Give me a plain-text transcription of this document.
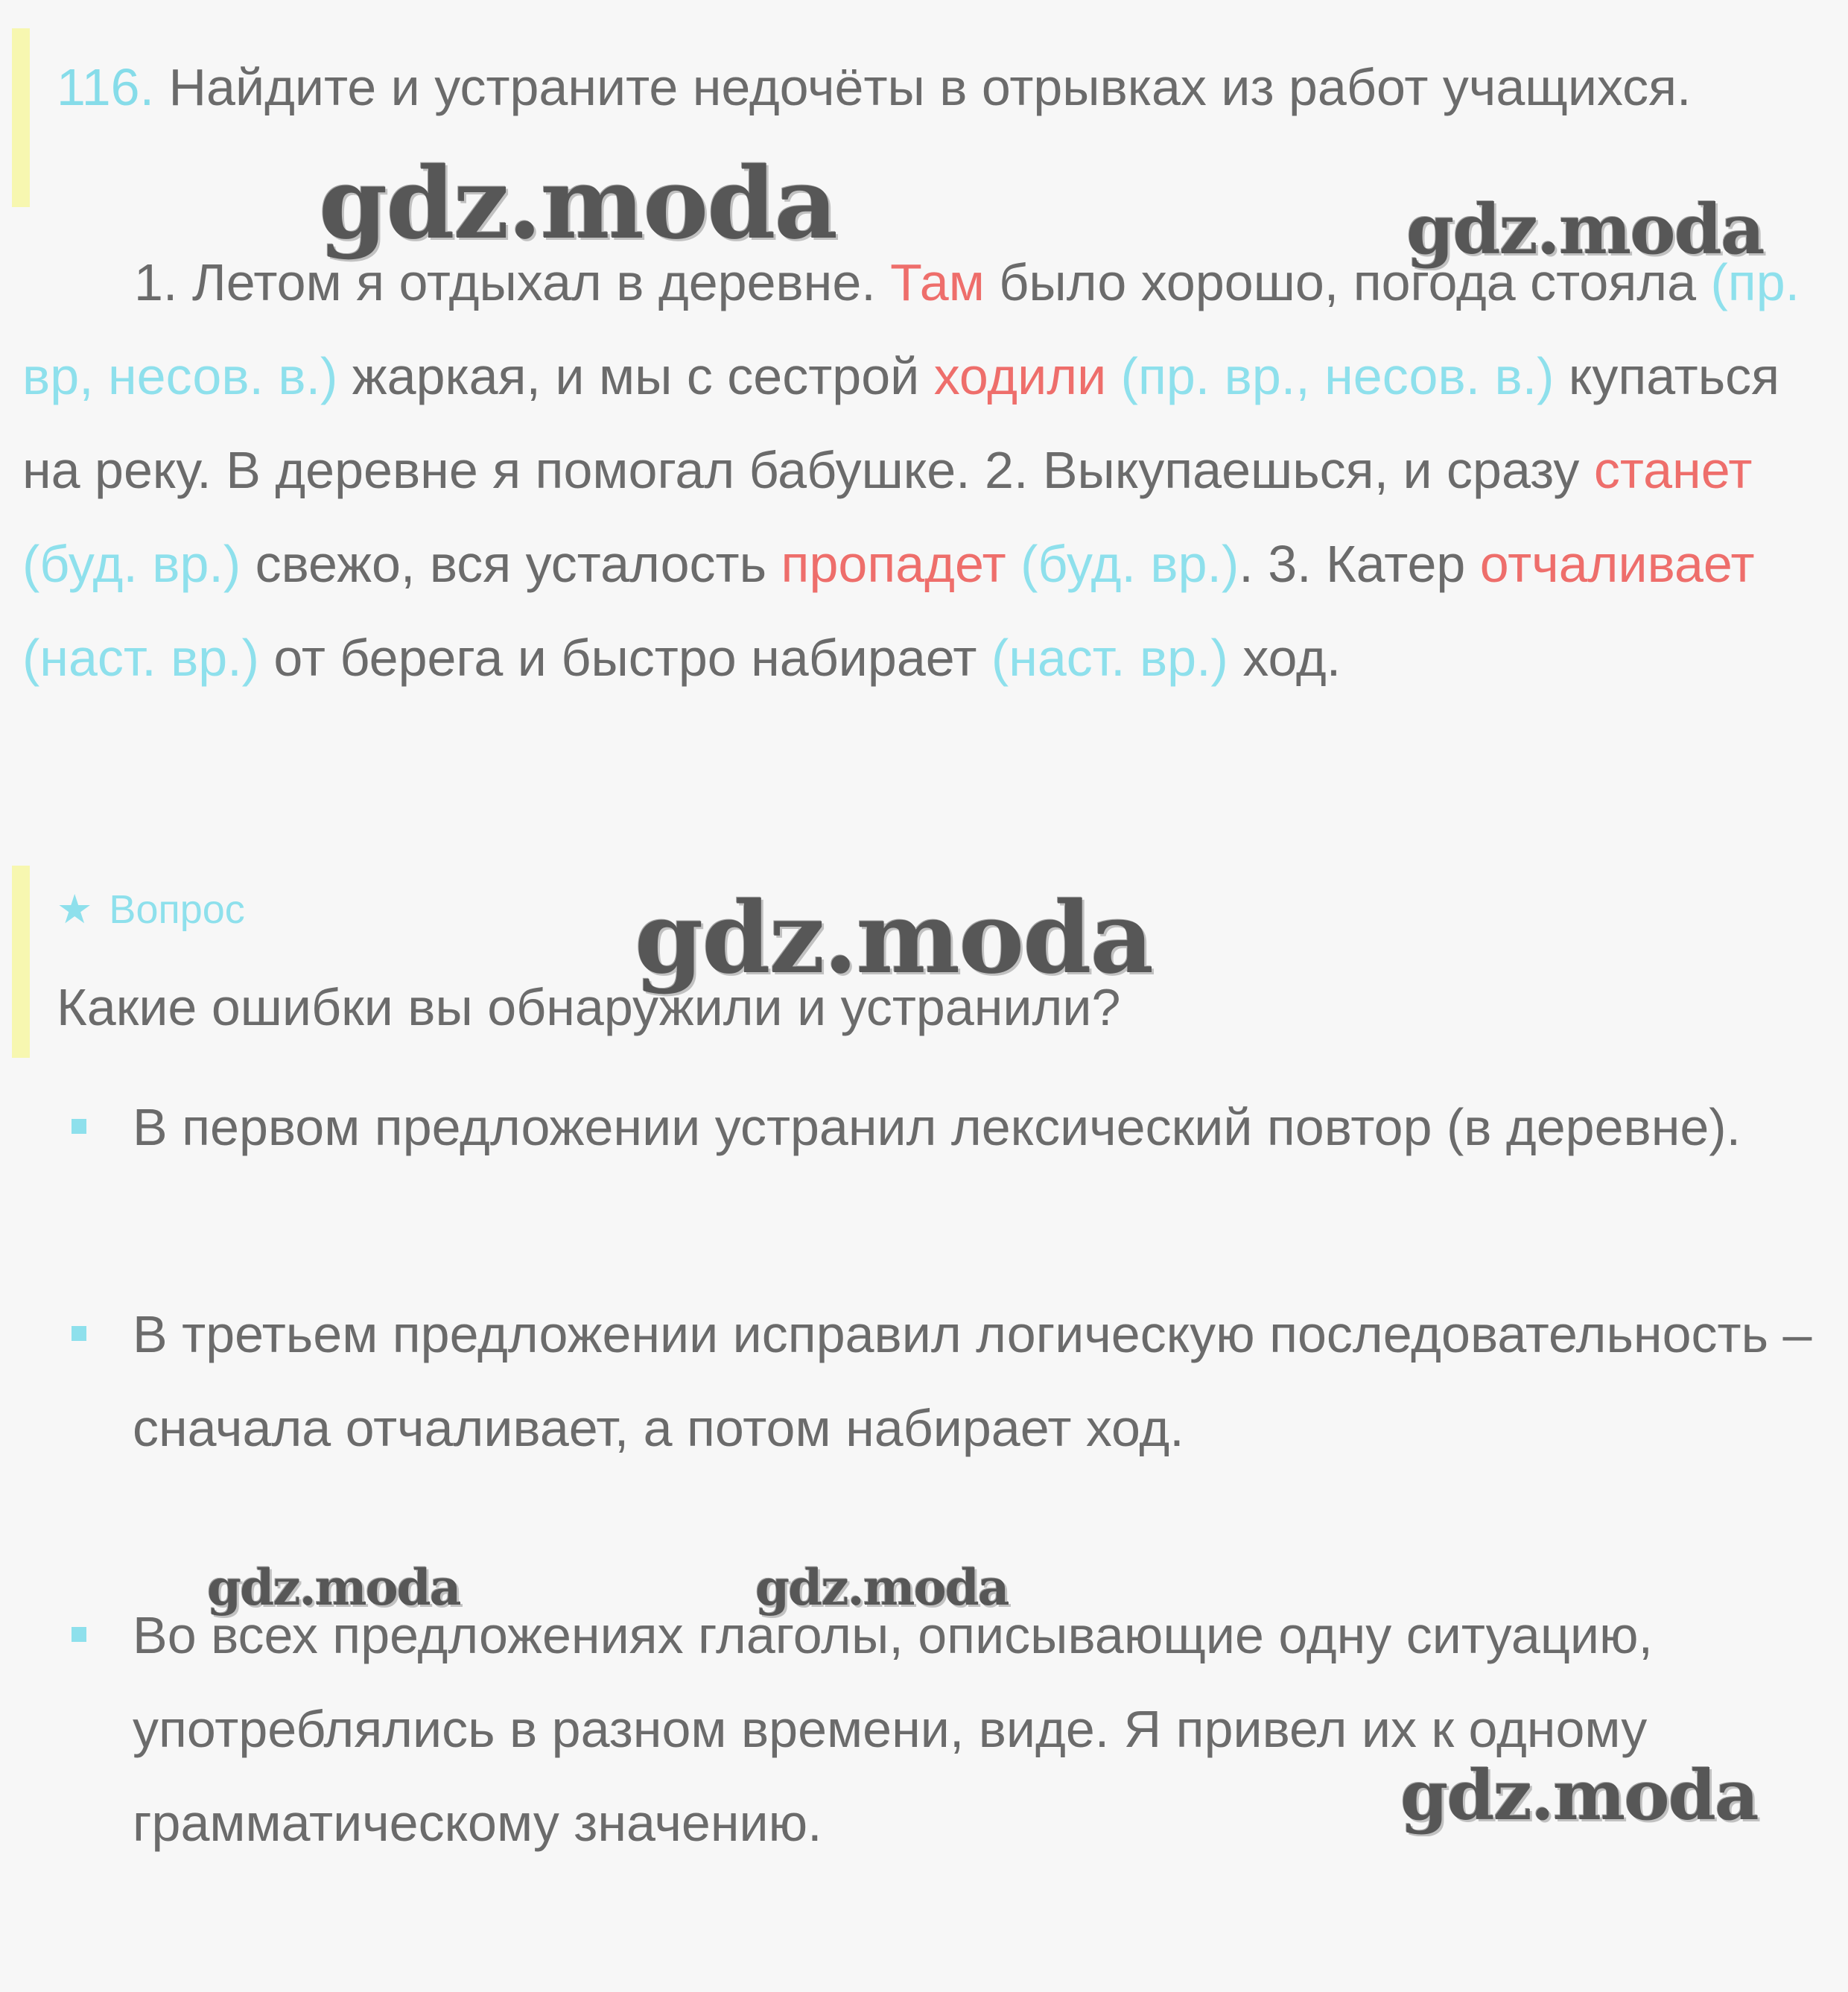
116. Найдите и устраните недочёты в отрывках из работ учащихся.
1. Летом я отдыхал в деревне. Там было хорошо, погода стояла (пр. вр, несов. в.) жаркая, и мы с сестрой ходили (пр. вр., несов. в.) купаться на реку. В деревне я помогал бабушке. 2. Выкупаешься, и сразу станет (буд. вр.) свежо, вся усталость пропадет (буд. вр.). 3. Катер отчаливает (наст. вр.) от берега и быстро набирает (наст. вр.) ход.
★ Вопрос
Какие ошибки вы обнаружили и устранили?
В первом предложении устранил лексический повтор (в деревне).
В третьем предложении исправил логическую последовательность – сначала отчаливает, а потом набирает ход.
Во всех предложениях глаголы, описывающие одну ситуацию, употреблялись в разном времени, виде. Я привел их к одному грамматическому значению.
gdz.moda	gdz.moda
gdz.moda
gdz.moda	gdz.moda
gdz.moda
